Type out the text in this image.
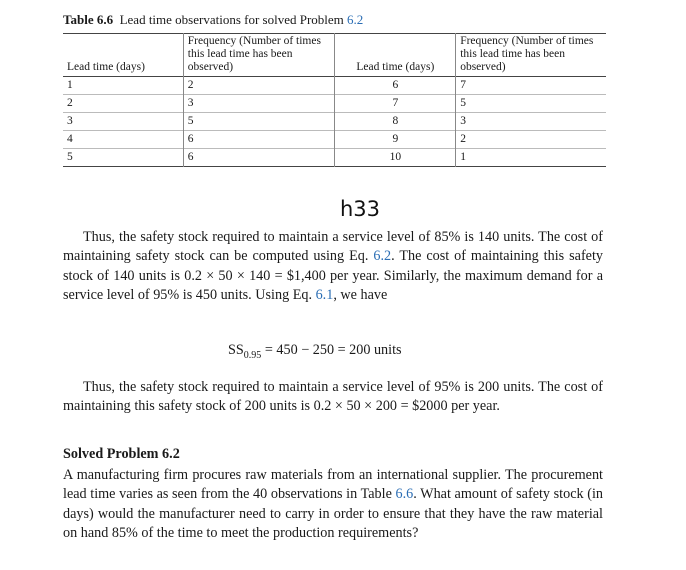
Table 6.6 Lead time observations for solved Problem 6.2
Lead time (days)	Frequency (Number of times this lead time has been observed)	Lead time (days)	Frequency (Number of times this lead time has been observed)
1	2	6	7
2	3	7	5
3	5	8	3
4	6	9	2
5	6	10	1
h33

Thus, the safety stock required to maintain a service level of 85% is 140 units. The cost of maintaining safety stock can be computed using Eq. 6.2. The cost of maintaining this safety stock of 140 units is 0.2 × 50 × 140 = $1,400 per year. Similarly, the maximum demand for a service level of 95% is 450 units. Using Eq. 6.1, we have

$SS_{0.95} = 450 - 250 = 200$ units

Thus, the safety stock required to maintain a service level of 95% is 200 units. The cost of maintaining this safety stock of 200 units is 0.2 × 50 × 200 = $2000 per year.

Solved Problem 6.2

A manufacturing firm procures raw materials from an international supplier. The procurement lead time varies as seen from the 40 observations in Table 6.6. What amount of safety stock (in days) would the manufacturer need to carry in order to ensure that they have the raw material on hand 85% of the time to meet the production requirements?
